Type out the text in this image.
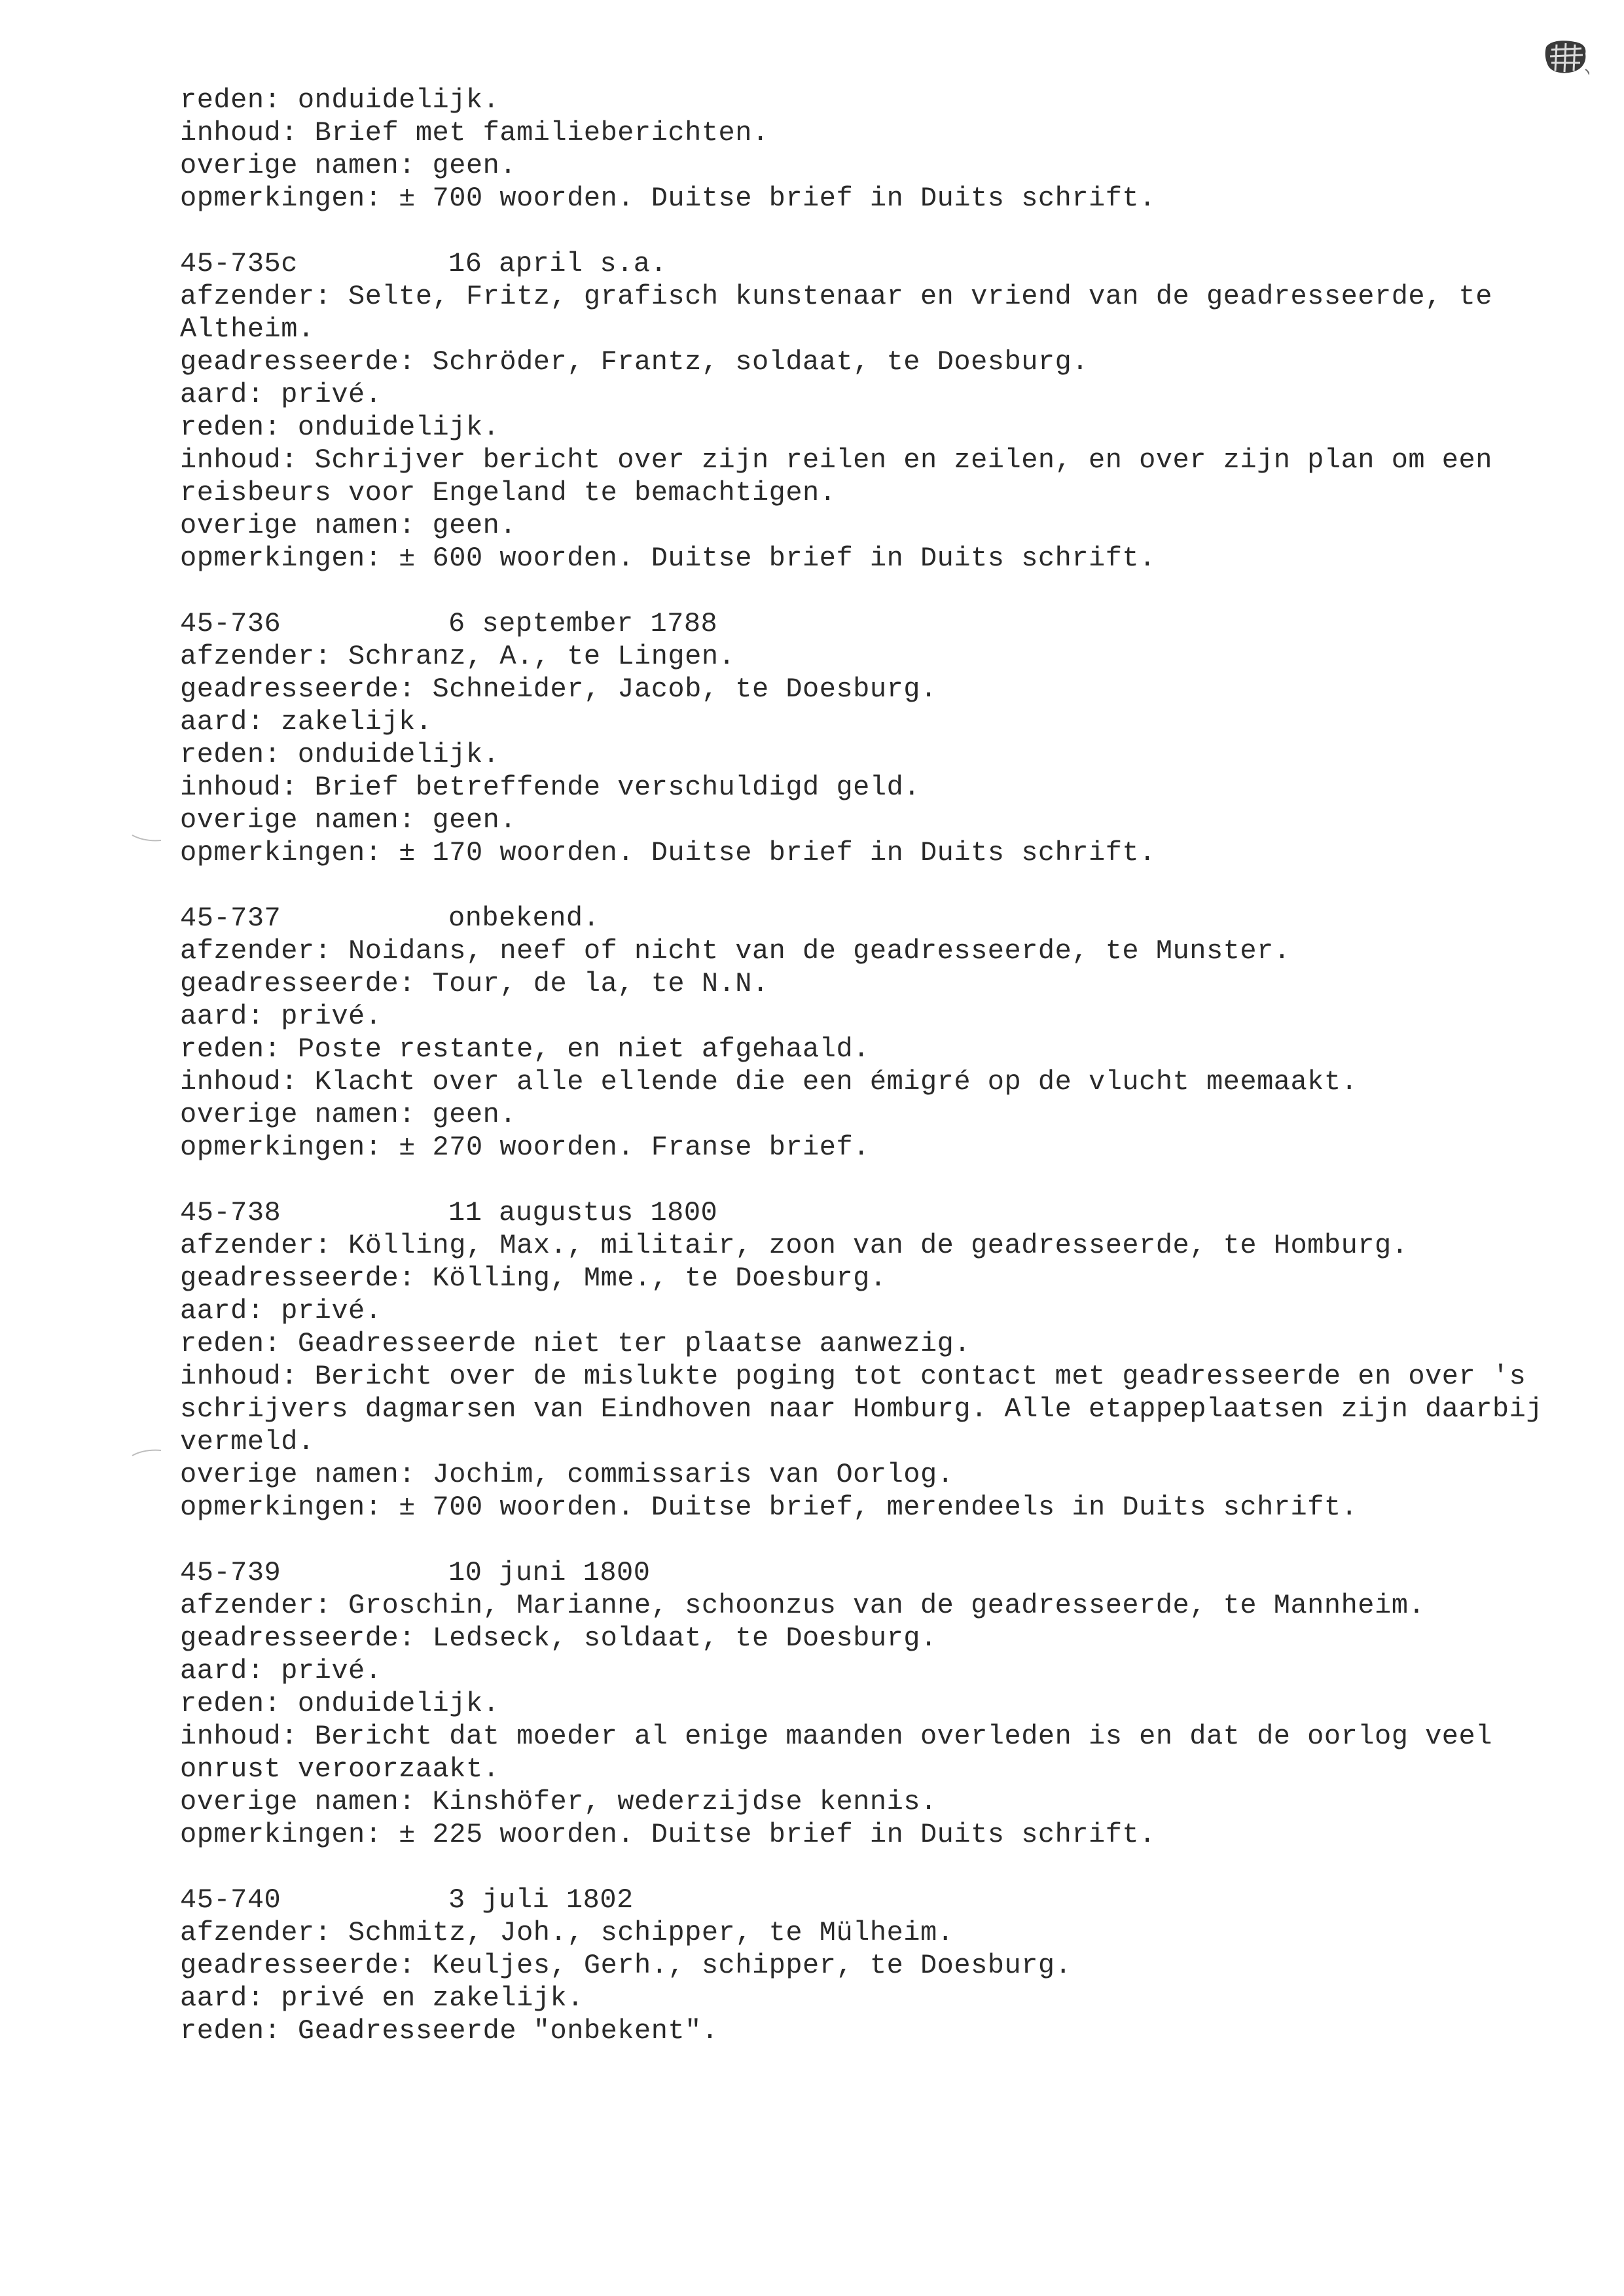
reden: onduidelijk.
inhoud: Brief met familieberichten.
overige namen: geen.
opmerkingen: ± 700 woorden. Duitse brief in Duits schrift.
45-735c	16 april s.a.
afzender: Selte, Fritz, grafisch kunstenaar en vriend van de geadresseerde, te Altheim.
geadresseerde: Schröder, Frantz, soldaat, te Doesburg.
aard: privé.
reden: onduidelijk.
inhoud: Schrijver bericht over zijn reilen en zeilen, en over zijn plan om een reisbeurs voor Engeland te bemachtigen.
overige namen: geen.
opmerkingen: ± 600 woorden. Duitse brief in Duits schrift.
45-736	6 september 1788
afzender: Schranz, A., te Lingen.
geadresseerde: Schneider, Jacob, te Doesburg.
aard: zakelijk.
reden: onduidelijk.
inhoud: Brief betreffende verschuldigd geld.
overige namen: geen.
opmerkingen: ± 170 woorden. Duitse brief in Duits schrift.
45-737	onbekend.
afzender: Noidans, neef of nicht van de geadresseerde, te Munster.
geadresseerde: Tour, de la, te N.N.
aard: privé.
reden: Poste restante, en niet afgehaald.
inhoud: Klacht over alle ellende die een émigré op de vlucht meemaakt.
overige namen: geen.
opmerkingen: ± 270 woorden. Franse brief.
45-738	11 augustus 1800
afzender: Kölling, Max., militair, zoon van de geadresseerde, te Homburg.
geadresseerde: Kölling, Mme., te Doesburg.
aard: privé.
reden: Geadresseerde niet ter plaatse aanwezig.
inhoud: Bericht over de mislukte poging tot contact met geadresseerde en over 's schrijvers dagmarsen van Eindhoven naar Homburg. Alle etappeplaatsen zijn daarbij vermeld.
overige namen: Jochim, commissaris van Oorlog.
opmerkingen: ± 700 woorden. Duitse brief, merendeels in Duits schrift.
45-739	10 juni 1800
afzender: Groschin, Marianne, schoonzus van de geadresseerde, te Mannheim.
geadresseerde: Ledseck, soldaat, te Doesburg.
aard: privé.
reden: onduidelijk.
inhoud: Bericht dat moeder al enige maanden overleden is en dat de oorlog veel onrust veroorzaakt.
overige namen: Kinshöfer, wederzijdse kennis.
opmerkingen: ± 225 woorden. Duitse brief in Duits schrift.
45-740	3 juli 1802
afzender: Schmitz, Joh., schipper, te Mülheim.
geadresseerde: Keuljes, Gerh., schipper, te Doesburg.
aard: privé en zakelijk.
reden: Geadresseerde "onbekent".
